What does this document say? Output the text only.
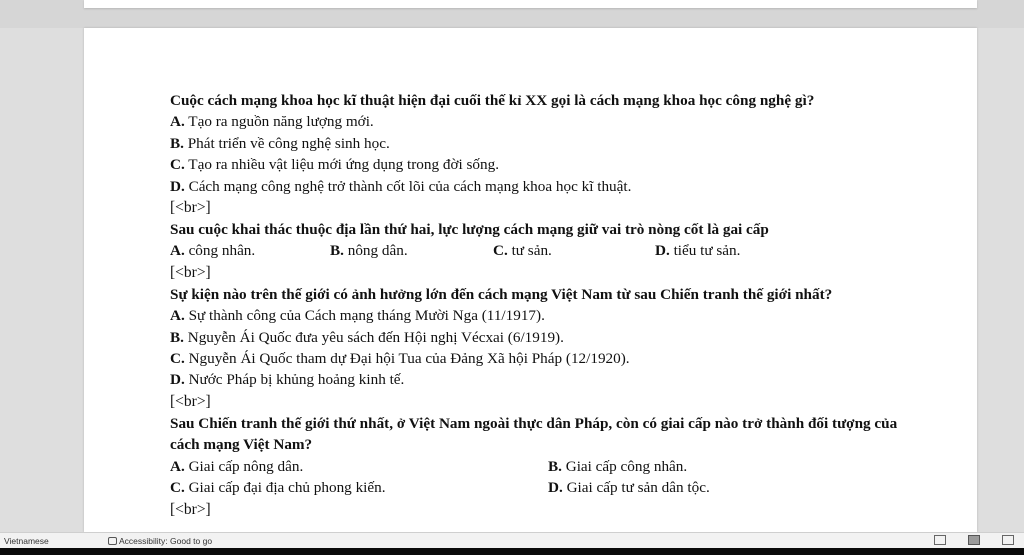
Cuộc cách mạng khoa học kĩ thuật hiện đại cuối thế kỉ XX gọi là cách mạng khoa học công nghệ gì?
A. Tạo ra nguồn năng lượng mới.
B. Phát triển về công nghệ sinh học.
C. Tạo ra nhiều vật liệu mới ứng dụng trong đời sống.
D. Cách mạng công nghệ trở thành cốt lõi của cách mạng khoa học kĩ thuật.
[<br>]
Sau cuộc khai thác thuộc địa lần thứ hai, lực lượng cách mạng giữ vai trò nòng cốt là gai cấp
A. công nhân.	B. nông dân.	C. tư sản.	D. tiểu tư sản.
[<br>]
Sự kiện nào trên thế giới có ảnh hưởng lớn đến cách mạng Việt Nam từ sau Chiến tranh thế giới nhất?
A. Sự thành công của Cách mạng tháng Mười Nga (11/1917).
B. Nguyễn Ái Quốc đưa yêu sách đến Hội nghị Vécxai (6/1919).
C. Nguyễn Ái Quốc tham dự Đại hội Tua của Đảng Xã hội Pháp (12/1920).
D. Nước Pháp bị khủng hoảng kinh tế.
[<br>]
Sau Chiến tranh thế giới thứ nhất, ở Việt Nam ngoài thực dân Pháp, còn có giai cấp nào trở thành đối tượng của cách mạng Việt Nam?
A. Giai cấp nông dân.	B. Giai cấp công nhân.
C. Giai cấp đại địa chủ phong kiến.	D. Giai cấp tư sản dân tộc.
[<br>]
Vietnamese	Accessibility: Good to go
